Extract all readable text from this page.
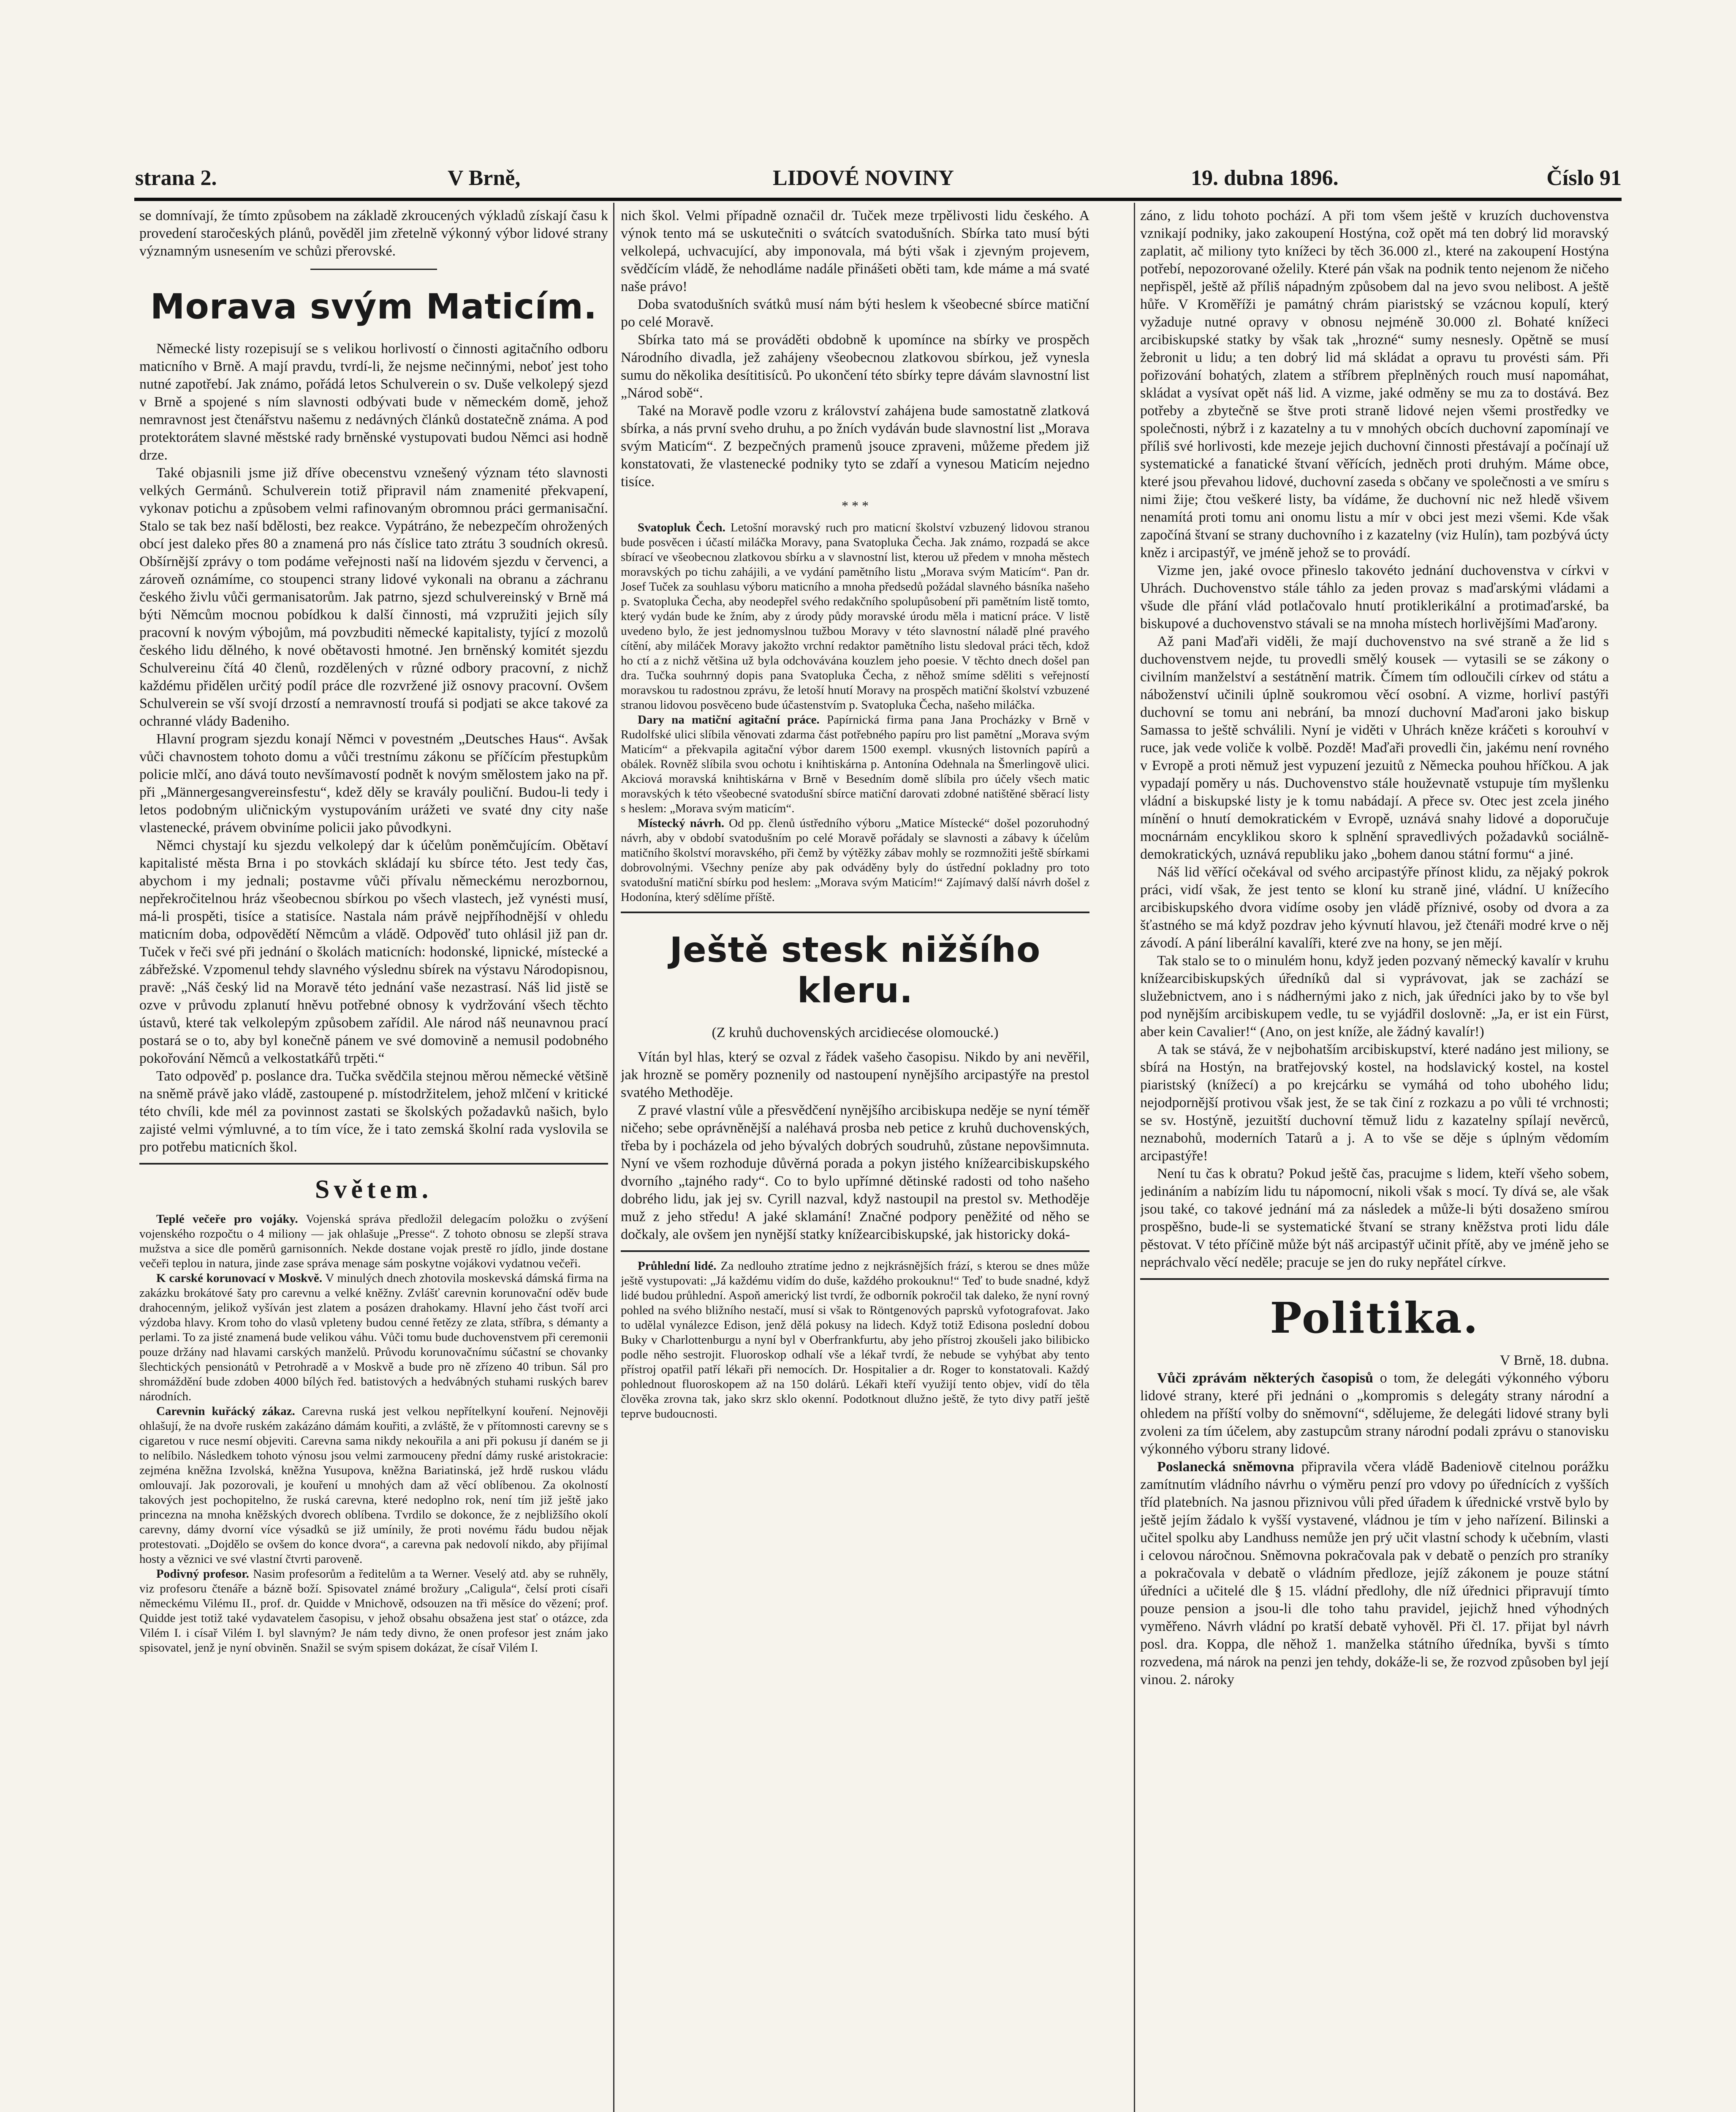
strana 2.	V Brně,	LIDOVÉ NOVINY	19. dubna 1896.	Číslo 91

se domnívají, že tímto způsobem na základě zkroucených výkladů získají času k provedení staročeských plánů, pověděl jim zřetelně výkonný výbor lidové strany významným usnesením ve schůzi přerovské.

Morava svým Maticím.

Německé listy rozepisují se s velikou horlivostí o činnosti agitačního odboru maticního v Brně. A mají pravdu, tvrdí-li, že nejsme nečinnými, neboť jest toho nutné zapotřebí. Jak známo, pořádá letos Schulverein o sv. Duše velkolepý sjezd v Brně a spojené s ním slavnosti odbývati bude v německém domě, jehož nemravnost jest čtenářstvu našemu z nedávných článků dostatečně známa. A pod protektorátem slavné městské rady brněnské vystupovati budou Němci asi hodně drze.

Také objasnili jsme již dříve obecenstvu vznešený význam této slavnosti velkých Germánů. Schulverein totiž připravil nám znamenité překvapení, vykonav potichu a způsobem velmi rafinovaným obromnou práci germanisační. Stalo se tak bez naší bdělosti, bez reakce. Vypátráno, že nebezpečím ohrožených obcí jest daleko přes 80 a znamená pro nás číslice tato ztrátu 3 soudních okresů. Obšírnější zprávy o tom podáme veřejnosti naší na lidovém sjezdu v červenci, a zároveň oznámíme, co stoupenci strany lidové vykonali na obranu a záchranu českého živlu vůči germanisatorům. Jak patrno, sjezd schulvereinský v Brně má býti Němcům mocnou pobídkou k další činnosti, má vzpružiti jejich síly pracovní k novým výbojům, má povzbuditi německé kapitalisty, tyjící z mozolů českého lidu dělného, k nové obětavosti hmotné. Jen brněnský komitét sjezdu Schulvereinu čítá 40 členů, rozdělených v různé odbory pracovní, z nichž každému přidělen určitý podíl práce dle rozvržené již osnovy pracovní. Ovšem Schulverein se vší svojí drzostí a nemravností troufá si podjati se akce takové za ochranné vlády Badeniho.

Hlavní program sjezdu konají Němci v povestném „Deutsches Haus“. Avšak vůči chavnostem tohoto domu a vůči trestnímu zákonu se příčícím přestupkům policie mlčí, ano dává touto nevšímavostí podnět k novým smělostem jako na př. při „Männergesangvereinsfestu“, kdež děly se kravály pouliční. Budou-li tedy i letos podobným uličnickým vystupováním urážeti ve svaté dny city naše vlastenecké, právem obviníme policii jako původkyni.

Němci chystají ku sjezdu velkolepý dar k účelům poněmčujícím. Obětaví kapitalisté města Brna i po stovkách skládají ku sbírce této. Jest tedy čas, abychom i my jednali; postavme vůči přívalu německému nerozbornou, nepřekročitelnou hráz všeobecnou sbírkou po všech vlastech, jež vynésti musí, má-li prospěti, tisíce a statisíce. Nastala nám právě nejpříhodnější v ohledu maticním doba, odpovědětí Němcům a vládě. Odpověď tuto ohlásil již pan dr. Tuček v řeči své při jednání o školách maticních: hodonské, lipnické, místecké a zábřežské. Vzpomenul tehdy slavného výslednu sbírek na výstavu Národopisnou, pravě: „Náš český lid na Moravě této jednání vaše nezastrasí. Náš lid jistě se ozve v průvodu zplanutí hněvu potřebné obnosy k vydržování všech těchto ústavů, které tak velkolepým způsobem zařídil. Ale národ náš neunavnou prací postará se o to, aby byl konečně pánem ve své domovině a nemusil podobného pokořování Němců a velkostatkářů trpěti.“

Tato odpověď p. poslance dra. Tučka svědčila stejnou měrou německé většině na sněmě právě jako vládě, zastoupené p. místodržitelem, jehož mlčení v kritické této chvíli, kde mél za povinnost zastati se školských požadavků našich, bylo zajisté velmi výmluvné, a to tím více, že i tato zemská školní rada vyslovila se pro potřebu maticních škol.

Světem.

Teplé večeře pro vojáky. Vojenská správa předložil delegacím položku o zvýšení vojenského rozpočtu o 4 miliony — jak ohlašuje „Presse“. Z tohoto obnosu se zlepší strava mužstva a sice dle poměrů garnisonních. Nekde dostane vojak prestě ro jídlo, jinde dostane večeři teplou in natura, jinde zase správa menage sám poskytne vojákovi vydatnou večeři.

K carské korunovací v Moskvě. V minulých dnech zhotovila moskevská dámská firma na zakázku brokátové šaty pro carevnu a velké kněžny. Zvlášť carevnin korunovační oděv bude drahocenným, jelikož vyšíván jest zlatem a posázen drahokamy. Hlavní jeho část tvoří arci výzdoba hlavy. Krom toho do vlasů vpleteny budou cenné řetězy ze zlata, stříbra, s démanty a perlami. To za jisté znamená bude velikou váhu. Vůči tomu bude duchovenstvem při ceremonii pouze držány nad hlavami carských manželů. Průvodu korunovačnímu súčastní se chovanky šlechtických pensionátů v Petrohradě a v Moskvě a bude pro ně zřízeno 40 tribun. Sál pro shromáždění bude zdoben 4000 bílých řed. batistových a hedvábných stuhami ruských barev národních.

Carevnin kuřácký zákaz. Carevna ruská jest velkou nepřítelkyní kouření. Nejnověji ohlašují, že na dvoře ruském zakázáno dámám kouřiti, a zvláště, že v přítomnosti carevny se s cigaretou v ruce nesmí objeviti. Carevna sama nikdy nekouřila a ani při pokusu jí daném se ji to nelíbilo. Následkem tohoto výnosu jsou velmi zarmouceny přední dámy ruské aristokracie: zejména kněžna Izvolská, kněžna Yusupova, kněžna Bariatinská, jež hrdě ruskou vládu omlouvají. Jak pozorovali, je kouření u mnohých dam až věcí oblíbenou. Za okolností takových jest pochopitelno, že ruská carevna, které nedoplno rok, není tím již ještě jako princezna na mnoha kněžských dvorech oblíbena. Tvrdilo se dokonce, že z nejbližšího okolí carevny, dámy dvorní více výsadků se již umínily, že proti novému řádu budou nějak protestovati. „Dojdělo se ovšem do konce dvora“, a carevna pak nedovolí nikdo, aby přijímal hosty a věznici ve své vlastní čtvrti paroveně.

Podivný profesor. Nasim profesorům a ředitelům a ta Werner. Veselý atd. aby se ruhněly, viz profesoru čtenáře a bázně boží. Spisovatel známé brožury „Caligula“, čelsí proti císaři německému Vilému II., prof. dr. Quidde v Mnichově, odsouzen na tři měsíce do vězení; prof. Quidde jest totiž také vydavatelem časopisu, v jehož obsahu obsažena jest stať o otázce, zda Vilém I. i císař Vilém I. byl slavným? Je nám tedy divno, že onen profesor jest znám jako spisovatel, jenž je nyní obviněn. Snažil se svým spisem dokázat, že císař Vilém I.

nich škol. Velmi případně označil dr. Tuček meze trpělivosti lidu českého. A výnok tento má se uskutečniti o svátcích svatodušních. Sbírka tato musí býti velkolepá, uchvacující, aby imponovala, má býti však i zjevným projevem, svědčícím vládě, že nehodláme nadále přinášeti oběti tam, kde máme a má svaté naše právo!

Doba svatodušních svátků musí nám býti heslem k všeobecné sbírce matiční po celé Moravě.

Sbírka tato má se prováděti obdobně k upomínce na sbírky ve prospěch Národního divadla, jež zahájeny všeobecnou zlatkovou sbírkou, jež vynesla sumu do několika desítitisíců. Po ukončení této sbírky tepre dávám slavnostní list „Národ sobě“.

Také na Moravě podle vzoru z království zahájena bude samostatně zlatková sbírka, a nás první sveho druhu, a po žních vydáván bude slavnostní list „Morava svým Maticím“. Z bezpečných pramenů jsouce zpraveni, můžeme předem již konstatovati, že vlastenecké podniky tyto se zdaří a vynesou Maticím nejedno tisíce.

* * *

Svatopluk Čech. Letošní moravský ruch pro maticní školství vzbuzený lidovou stranou bude posvěcen i účastí miláčka Moravy, pana Svatopluka Čecha. Jak známo, rozpadá se akce sbírací ve všeobecnou zlatkovou sbírku a v slavnostní list, kterou už předem v mnoha městech moravských po tichu zahájili, a ve vydání pamětního listu „Morava svým Maticím“. Pan dr. Josef Tuček za souhlasu výboru maticního a mnoha předsedů požádal slavného básníka našeho p. Svatopluka Čecha, aby neodepřel svého redakčního spolupůsobení při pamětním listě tomto, který vydán bude ke žním, aby z úrody půdy moravské úrodu měla i maticní práce. V listě uvedeno bylo, že jest jednomyslnou tužbou Moravy v této slavnostní náladě plné pravého cítění, aby miláček Moravy jakožto vrchní redaktor pamětního listu sledoval práci těch, kdož ho ctí a z nichž většina už byla odchovávána kouzlem jeho poesie. V těchto dnech došel pan dra. Tučka souhrnný dopis pana Svatopluka Čecha, z něhož smíme sděliti s veřejností moravskou tu radostnou zprávu, že letoší hnutí Moravy na prospěch matiční školství vzbuzené stranou lidovou posvěceno bude účastenstvím p. Svatopluka Čecha, našeho miláčka.

Dary na matiční agitační práce. Papírnická firma pana Jana Procházky v Brně v Rudolfské ulici slíbila věnovati zdarma část potřebného papíru pro list pamětní „Morava svým Maticím“ a překvapila agitační výbor darem 1500 exempl. vkusných listovních papírů a obálek. Rovněž slíbila svou ochotu i knihtiskárna p. Antonína Odehnala na Šmerlingově ulici. Akciová moravská knihtiskárna v Brně v Besedním domě slíbila pro účely všech matic moravských k této všeobecné svatodušní sbírce matiční darovati zdobné natištěné sběrací listy s heslem: „Morava svým maticím“.

Místecký návrh. Od pp. členů ústředního výboru „Matice Místecké“ došel pozoruhodný návrh, aby v období svatodušním po celé Moravě pořádaly se slavnosti a zábavy k účelům matičního školství moravského, při čemž by výtěžky zábav mohly se rozmnožiti ještě sbírkami dobrovolnými. Všechny peníze aby pak odváděny byly do ústřední pokladny pro toto svatodušní matiční sbírku pod heslem: „Morava svým Maticím!“ Zajímavý další návrh došel z Hodonína, který sdělíme příště.

Ještě stesk nižšího kleru.
(Z kruhů duchovenských arcidiecése olomoucké.)

Vítán byl hlas, který se ozval z řádek vašeho časopisu. Nikdo by ani nevěřil, jak hrozně se poměry poznenily od nastoupení nynějšího arcipastýře na prestol svatého Methoděje.

Z pravé vlastní vůle a přesvědčení nynějšího arcibiskupa neděje se nyní téměř ničeho; sebe oprávněnější a naléhavá prosba neb petice z kruhů duchovenských, třeba by i pocházela od jeho bývalých dobrých soudruhů, zůstane nepovšimnuta. Nyní ve všem rozhoduje důvěrná porada a pokyn jistého knížearcibiskupského dvorního „tajného rady“. Co to bylo upřímné dětinské radosti od toho našeho dobrého lidu, jak jej sv. Cyrill nazval, když nastoupil na prestol sv. Methoděje muž z jeho středu! A jaké sklamání! Značné podpory peněžité od něho se dočkaly, ale ovšem jen nynější statky knížearcibiskupské, jak historicky doká-

Průhlední lidé. Za nedlouho ztratíme jedno z nejkrásnějších frází, s kterou se dnes může ještě vystupovati: „Já každému vidím do duše, každého prokouknu!“ Teď to bude snadné, když lidé budou průhlední. Aspoň americký list tvrdí, že odborník pokročil tak daleko, že nyní rovný pohled na svého bližního nestačí, musí si však to Röntgenových paprsků vyfotografovat. Jako to udělal vynálezce Edison, jenž dělá pokusy na lidech. Když totiž Edisona poslední dobou Buky v Charlottenburgu a nyní byl v Oberfrankfurtu, aby jeho přístroj zkoušeli jako bilibicko podle něho sestrojit. Fluoroskop odhalí vše a lékař tvrdí, že nebude se vyhýbat aby tento přístroj opatřil patří lékaři při nemocích. Dr. Hospitalier a dr. Roger to konstatovali. Každý pohlednout fluoroskopem až na 150 dolárů. Lékaři kteří využijí tento objev, vidí do těla člověka zrovna tak, jako skrz sklo okenní. Podotknout dlužno ještě, že tyto divy patří ještě teprve budoucnosti.

záno, z lidu tohoto pochází. A při tom všem ještě v kruzích duchovenstva vznikají podniky, jako zakoupení Hostýna, což opět má ten dobrý lid moravský zaplatit, ač miliony tyto knížeci by těch 36.000 zl., které na zakoupení Hostýna potřebí, nepozorované oželily. Které pán však na podnik tento nejenom že ničeho nepřispěl, ještě až příliš nápadným způsobem dal na jevo svou nelibost. A ještě hůře. V Kroměříži je památný chrám piaristský se vzácnou kopulí, který vyžaduje nutné opravy v obnosu nejméně 30.000 zl. Bohaté knížeci arcibiskupské statky by však tak „hrozné“ sumy nesnesly. Opětně se musí žebronit u lidu; a ten dobrý lid má skládat a opravu tu provésti sám. Při pořizování bohatých, zlatem a stříbrem přeplněných rouch musí napomáhat, skládat a vysívat opět náš lid. A vizme, jaké odměny se mu za to dostává. Bez potřeby a zbytečně se štve proti straně lidové nejen všemi prostředky ve společnosti, nýbrž i z kazatelny a tu v mnohých obcích duchovní zapomínají ve příliš své horlivosti, kde mezeje jejich duchovní činnosti přestávají a počínají už systematické a fanatické štvaní věřících, jedněch proti druhým. Máme obce, které jsou převahou lidové, duchovní zaseda s občany ve společnosti a ve smíru s nimi žije; čtou veškeré listy, ba vídáme, že duchovní nic než hledě všivem nenamítá proti tomu ani onomu listu a mír v obci jest mezi všemi. Kde však započíná štvaní se strany duchovního i z kazatelny (viz Hulín), tam pozbývá úcty kněz i arcipastýř, ve jméně jehož se to provádí.

Vizme jen, jaké ovoce přineslo takovéto jednání duchovenstva v církvi v Uhrách. Duchovenstvo stále táhlo za jeden provaz s maďarskými vládami a všude dle přání vlád potlačovalo hnutí protiklerikální a protimaďarské, ba biskupové a duchovenstvo stávali se na mnoha místech horlivějšími Maďarony.

Až pani Maďaři viděli, že mají duchovenstvo na své straně a že lid s duchovenstvem nejde, tu provedli smělý kousek — vytasili se se zákony o civilním manželství a sestátnění matrik. Čímem tím odloučili církev od státu a náboženství učinili úplně soukromou věcí osobní. A vizme, horliví pastýři duchovní se tomu ani nebrání, ba mnozí duchovní Maďaroni jako biskup Samassa to ještě schválili. Nyní je viděti v Uhrách kněze kráčeti s korouhví v ruce, jak vede voliče k volbě. Pozdě! Maďaři provedli čin, jakému není rovného v Evropě a proti němuž jest vypuzení jezuitů z Německa pouhou hříčkou. A jak vypadají poměry u nás. Duchovenstvo stále houževnatě vstupuje tím myšlenku vládní a biskupské listy je k tomu nabádají. A přece sv. Otec jest zcela jiného mínění o hnutí demokratickém v Evropě, uznává snahy lidové a doporučuje mocnárnám encyklikou skoro k splnění spravedlivých požadavků sociálně-demokratických, uznává republiku jako „bohem danou státní formu“ a jiné.

Náš lid věřící očekával od svého arcipastýře přínost klidu, za nějaký pokrok práci, vidí však, že jest tento se kloní ku straně jiné, vládní. U knížecího arcibiskupského dvora vidíme osoby jen vládě příznivé, osoby od dvora a za šťastného se má když pozdrav jeho kývnutí hlavou, jež čtenáři modré krve o něj závodí. A pání liberální kavalíři, které zve na hony, se jen mějí.

Tak stalo se to o minulém honu, když jeden pozvaný německý kavalír v kruhu knížearcibiskupských úředníků dal si vyprávovat, jak se zachází se služebnictvem, ano i s nádhernými jako z nich, jak úředníci jako by to vše byl pod nynějším arcibiskupem vedle, tu se vyjádřil doslovně: „Ja, er ist ein Fürst, aber kein Cavalier!“ (Ano, on jest kníže, ale žádný kavalír!)

A tak se stává, že v nejbohatším arcibiskupství, které nadáno jest miliony, se sbírá na Hostýn, na bratřejovský kostel, na hodslavický kostel, na kostel piaristský (knížecí) a po krejcárku se vymáhá od toho ubohého lidu; nejodpornější protivou však jest, že se tak činí z rozkazu a po vůli té vrchnosti; se sv. Hostýně, jezuitští duchovní těmuž lidu z kazatelny spílají nevěrců, neznabohů, moderních Tatarů a j. A to vše se děje s úplným vědomím arcipastýře!

Není tu čas k obratu? Pokud ještě čas, pracujme s lidem, kteří všeho sobem, jedináním a nabízím lidu tu nápomocní, nikoli však s mocí. Ty dívá se, ale však jsou také, co takové jednání má za následek a může-li býti dosaženo smírou prospěšno, bude-li se systematické štvaní se strany kněžstva proti lidu dále pěstovat. V této příčině může být náš arcipastýř učinit přítě, aby ve jméně jeho se nepráchvalo věcí neděle; pracuje se jen do ruky nepřátel církve.

Politika.

V Brně, 18. dubna.

Vůči zprávám některých časopisů o tom, že delegáti výkonného výboru lidové strany, které při jednáni o „kompromis s delegáty strany národní a ohledem na příští volby do sněmovní“, sdělujeme, že delegáti lidové strany byli zvoleni za tím účelem, aby zastupcům strany národní podali zprávu o stanovisku výkonného výboru strany lidové.

Poslanecká sněmovna připravila včera vládě Badeniově citelnou porážku zamítnutím vládního návrhu o výměru penzí pro vdovy po úřednících z vyšších tříd platebních. Na jasnou přiznivou vůli před úřadem k úřednické vrstvě bylo by ještě jejím žádalo k vyšší vystavené, vládnou je tím v jeho nařízení. Bilinski a učitel spolku aby Landhuss nemůže jen prý učit vlastní schody k učebním, vlasti i celovou náročnou. Sněmovna pokračovala pak v debatě o penzích pro straníky a pokračovala v debatě o vládním předloze, jejíž zákonem je pouze státní úředníci a učitelé dle § 15. vládní předlohy, dle níž úřednici připravují tímto pouze pension a jsou-li dle toho tahu pravidel, jejichž hned výhodných vyměřeno. Návrh vládní po kratší debatě vyhověl. Při čl. 17. přijat byl návrh posl. dra. Koppa, dle něhož 1. manželka státního úředníka, byvši s tímto rozvedena, má nárok na penzi jen tehdy, dokáže-li se, že rozvod způsoben byl její vinou. 2. nároky
